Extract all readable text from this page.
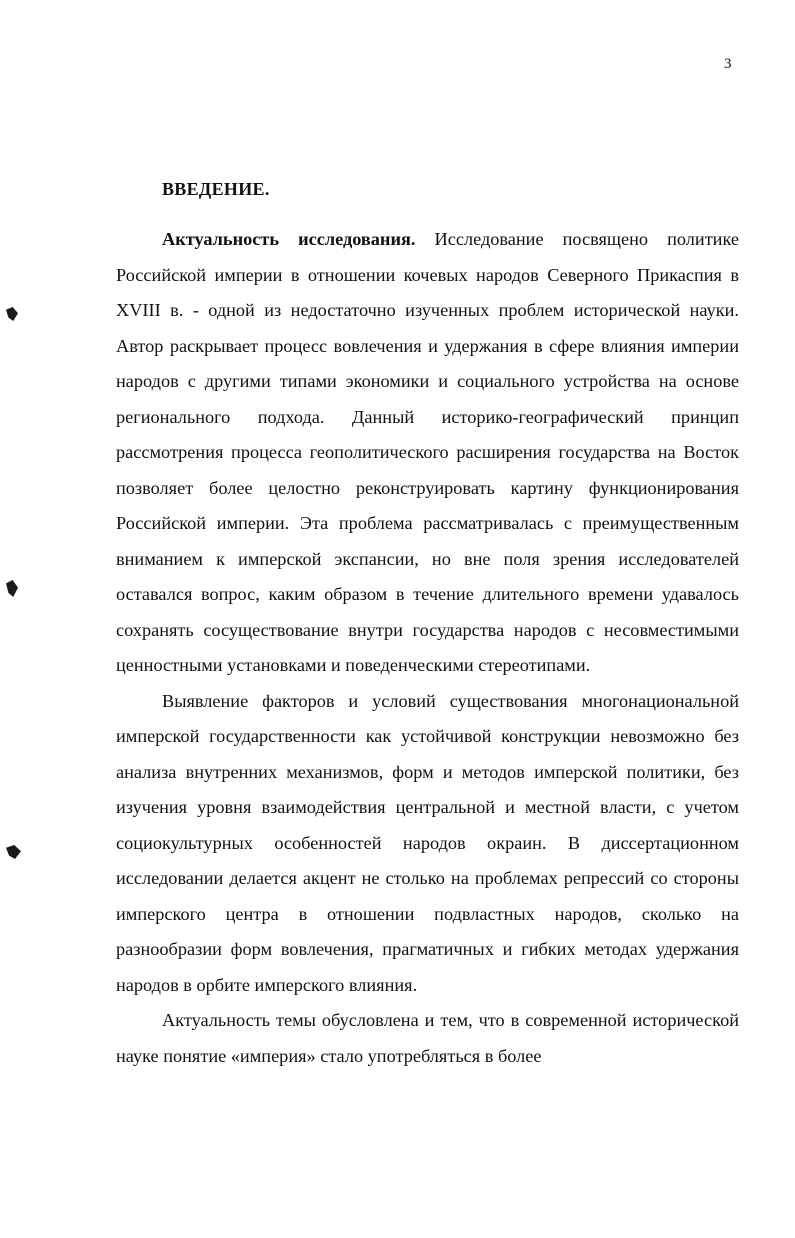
3
ВВЕДЕНИЕ.

Актуальность исследования. Исследование посвящено политике Российской империи в отношении кочевых народов Северного Прикаспия в XVIII в. - одной из недостаточно изученных проблем исторической науки. Автор раскрывает процесс вовлечения и удержания в сфере влияния империи народов с другими типами экономики и социального устройства на основе регионального подхода. Данный историко-географический принцип рассмотрения процесса геополитического расширения государства на Восток позволяет более целостно реконструировать картину функционирования Российской империи. Эта проблема рассматривалась с преимущественным вниманием к имперской экспансии, но вне поля зрения исследователей оставался вопрос, каким образом в течение длительного времени удавалось сохранять сосуществование внутри государства народов с несовместимыми ценностными установками и поведенческими стереотипами.

Выявление факторов и условий существования многонациональной имперской государственности как устойчивой конструкции невозможно без анализа внутренних механизмов, форм и методов имперской политики, без изучения уровня взаимодействия центральной и местной власти, с учетом социокультурных особенностей народов окраин. В диссертационном исследовании делается акцент не столько на проблемах репрессий со стороны имперского центра в отношении подвластных народов, сколько на разнообразии форм вовлечения, прагматичных и гибких методах удержания народов в орбите имперского влияния.

Актуальность темы обусловлена и тем, что в современной исторической науке понятие «империя» стало употребляться в более
